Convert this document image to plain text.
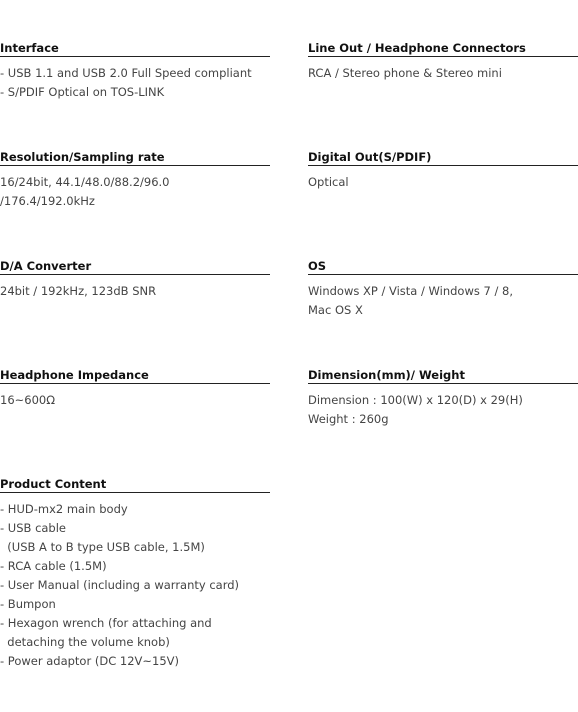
Interface
- USB 1.1 and USB 2.0 Full Speed compliant
- S/PDIF Optical on TOS-LINK
Line Out / Headphone Connectors
RCA / Stereo phone & Stereo mini
Resolution/Sampling rate
16/24bit, 44.1/48.0/88.2/96.0
/176.4/192.0kHz
Digital Out(S/PDIF)
Optical
D/A Converter
24bit / 192kHz, 123dB SNR
OS
Windows XP / Vista / Windows 7 / 8,
Mac OS X
Headphone Impedance
16~600Ω
Dimension(mm)/ Weight
Dimension : 100(W) x 120(D) x 29(H)
Weight : 260g
Product Content
- HUD-mx2 main body
- USB cable
(USB A to B type USB cable, 1.5M)
- RCA cable (1.5M)
- User Manual (including a warranty card)
- Bumpon
- Hexagon wrench (for attaching and
detaching the volume knob)
- Power adaptor (DC 12V~15V)
